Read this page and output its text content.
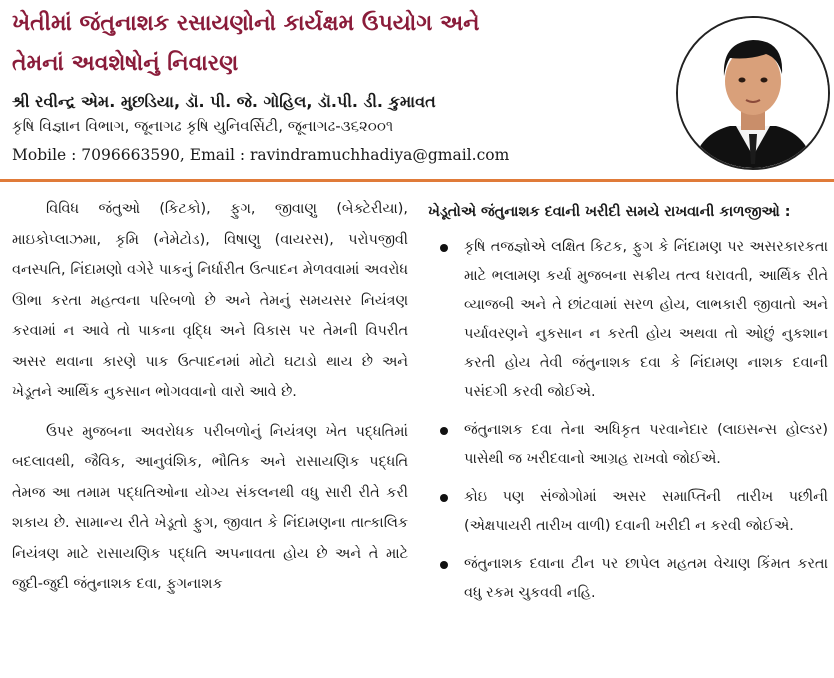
ખેતીમાં જંતુનાશક રસાયણોનો કાર્યક્ષમ ઉપયોગ અને
તેમનાં અવશેષોનું નિવારણ
શ્રી રવીન્દ્ર એમ. મુછડિયા, ડૉ. પી. જે. ગોહિલ, ડૉ.પી. ડી. કુમાવત
કૃષિ વિજ્ઞાન વિભાગ, જૂનાગઢ કૃષિ યુનિવર્સિટી, જૂનાગઢ-૩૬૨૦૦૧
Mobile : 7096663590, Email : ravindramuchhadiya@gmail.com

વિવિધ જંતુઓ (કિટકો), ફુગ, જીવાણુ (બેક્ટેરીયા), માઇકોપ્લાઝમા, કૃમિ (નેમેટોડ), વિષાણુ (વાયરસ), પરોપજીવી વનસ્પતિ, નિંદામણો વગેરે પાકનું નિર્ધારીત ઉત્પાદન મેળવવામાં અવરોધ ઊભા કરતા મહત્વના પરિબળો છે અને તેમનું સમયસર નિયંત્રણ કરવામાં ન આવે તો પાકના વૃદ્ધિ અને વિકાસ પર તેમની વિપરીત અસર થવાના કારણે પાક ઉત્પાદનમાં મોટો ઘટાડો થાય છે અને ખેડૂતને આર્થિક નુકસાન ભોગવવાનો વારો આવે છે.

ઉપર મુજબના અવરોધક પરીબળોનું નિયંત્રણ ખેત પદ્ધતિમાં બદલાવથી, જૈવિક, આનુવંશિક, ભૌતિક અને રાસાયણિક પદ્ધતિ તેમજ આ તમામ પદ્ધતિઓના યોગ્ય સંકલનથી વધુ સારી રીતે કરી શકાય છે. સામાન્ય રીતે ખેડૂતો ફુગ, જીવાત કે નિંદામણના તાત્કાલિક નિયંત્રણ માટે રાસાયણિક પદ્ધતિ અપનાવતા હોય છે અને તે માટે જુદી-જુદી જંતુનાશક દવા, ફુગનાશક

ખેડૂતોએ જંતુનાશક દવાની ખરીદી સમયે રાખવાની કાળજીઓ :
કૃષિ તજજ્ઞોએ લક્ષિત કિટક, ફુગ કે નિંદામણ પર અસરકારકતા માટે ભલામણ કર્યા મુજબના સક્રીય તત્વ ધરાવતી, આર્થિક રીતે વ્યાજબી અને તે છાંટવામાં સરળ હોય, લાભકારી જીવાતો અને પર્યાવરણને નુકસાન ન કરતી હોય અથવા તો ઓછું નુકશાન કરતી હોય તેવી જંતુનાશક દવા કે નિંદામણ નાશક દવાની પસંદગી કરવી જોઈએ.
જંતુનાશક દવા તેના અધિકૃત પરવાનેદાર (લાઇસન્સ હોલ્ડર) પાસેથી જ ખરીદવાનો આગ્રહ રાખવો જોઈએ.
કોઇ પણ સંજોગોમાં અસર સમાપ્તિની તારીખ પછીની (એક્ષપાયરી તારીખ વાળી) દવાની ખરીદી ન કરવી જોઈએ.
જંતુનાશક દવાના ટીન પર છાપેલ મહતમ વેચાણ કિંમત કરતા વધુ રકમ ચુકવવી નહિ.
